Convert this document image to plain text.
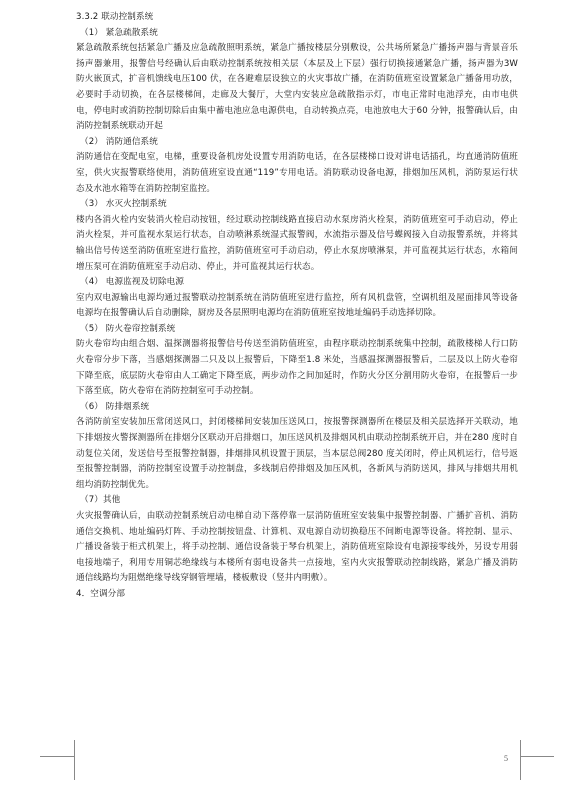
3.3.2 联动控制系统

（1） 紧急疏散系统

紧急疏散系统包括紧急广播及应急疏散照明系统，紧急广播按楼层分别敷设，公共场所紧急广播扬声器与背景音乐扬声器兼用，报警信号经确认后由联动控制系统按相关层（本层及上下层）强行切换接通紧急广播，扬声器为3W 防火嵌顶式，扩音机馈线电压100 伏，在各避难层设独立的火灾事故广播，在消防值班室设置紧急广播备用功放，必要时手动切换，在各层楼梯间，走廊及大餐厅，大堂内安装应急疏散指示灯，市电正常时电池浮充，由市电供电，停电时或消防控制切除后由集中蓄电池应急电源供电，自动转换点亮，电池放电大于60 分钟，报警确认后，由消防控制系统联动开起

（2） 消防通信系统

消防通信在变配电室，电梯，重要设备机房处设置专用消防电话，在各层楼梯口设对讲电话插孔，均直通消防值班室，供火灾报警联络使用，消防值班室设直通“119”专用电话。消防联动设备电源，排烟加压风机，消防泵运行状态及水池水箱等在消防控制室监控。

（3） 水灭火控制系统

楼内各消火栓内安装消火栓启动按钮，经过联动控制线路直接启动水泵房消火栓泵，消防值班室可手动启动，停止消火栓泵，并可监视水泵运行状态，自动喷淋系统湿式报警阀，水流指示器及信号蝶阀接入自动报警系统，并将其输出信号传送至消防值班室进行监控，消防值班室可手动启动，停止水泵房喷淋泵，并可监视其运行状态，水箱间增压泵可在消防值班室手动启动、停止，并可监视其运行状态。

（4） 电源监视及切除电源

室内双电源输出电源均通过报警联动控制系统在消防值班室进行监控，所有风机盘管，空调机组及屋面排风等设备电源均在报警确认后自动删除，厨房及各层照明电源均在消防值班室按地址编码手动选择切除。

（5） 防火卷帘控制系统

防火卷帘均由组合烟、温探测器将报警信号传送至消防值班室，由程序联动控制系统集中控制，疏散楼梯人行口防火卷帘分步下落，当感烟探测器二只及以上报警后，下降至1.8 米处，当感温探测器报警后，二层及以上防火卷帘下降至底，底层防火卷帘由人工确定下降至底，两步动作之间加延时，作防火分区分割用防火卷帘，在报警后一步下落至底，防火卷帘在消防控制室可手动控制。

（6） 防排烟系统

各消防前室安装加压常闭送风口，封闭楼梯间安装加压送风口，按报警探测器所在楼层及相关层选择开关联动，地下排烟按火警探测器所在排烟分区联动开启排烟口，加压送风机及排烟风机由联动控制系统开启，并在280 度时自动复位关闭，发送信号至报警控制器，排烟排风机设置于顶层，当本层总阀280 度关闭时，停止风机运行，信号返至报警控制器，消防控制室设置手动控制盘，多线制启停排烟及加压风机，各新风与消防送风，排风与排烟共用机组均消防控制优先。

（7）其他

火灾报警确认后，由联动控制系统启动电梯自动下落停靠一层消防值班室安装集中报警控制器、广播扩音机、消防通信交换机、地址编码灯阵、手动控制按钮盘、计算机、双电源自动切换稳压不间断电源等设备。将控制、显示、广播设备装于柜式机架上，将手动控制、通信设备装于琴台机架上，消防值班室除设有电源接零线外，另设专用弱电接地端子，利用专用铜芯绝缘线与本楼所有弱电设备共一点接地，室内火灾报警联动控制线路，紧急广播及消防通信线路均为阻燃绝缘导线穿钢管埋墙，楼板敷设（竖井内明敷）。

4．空调分部

5
